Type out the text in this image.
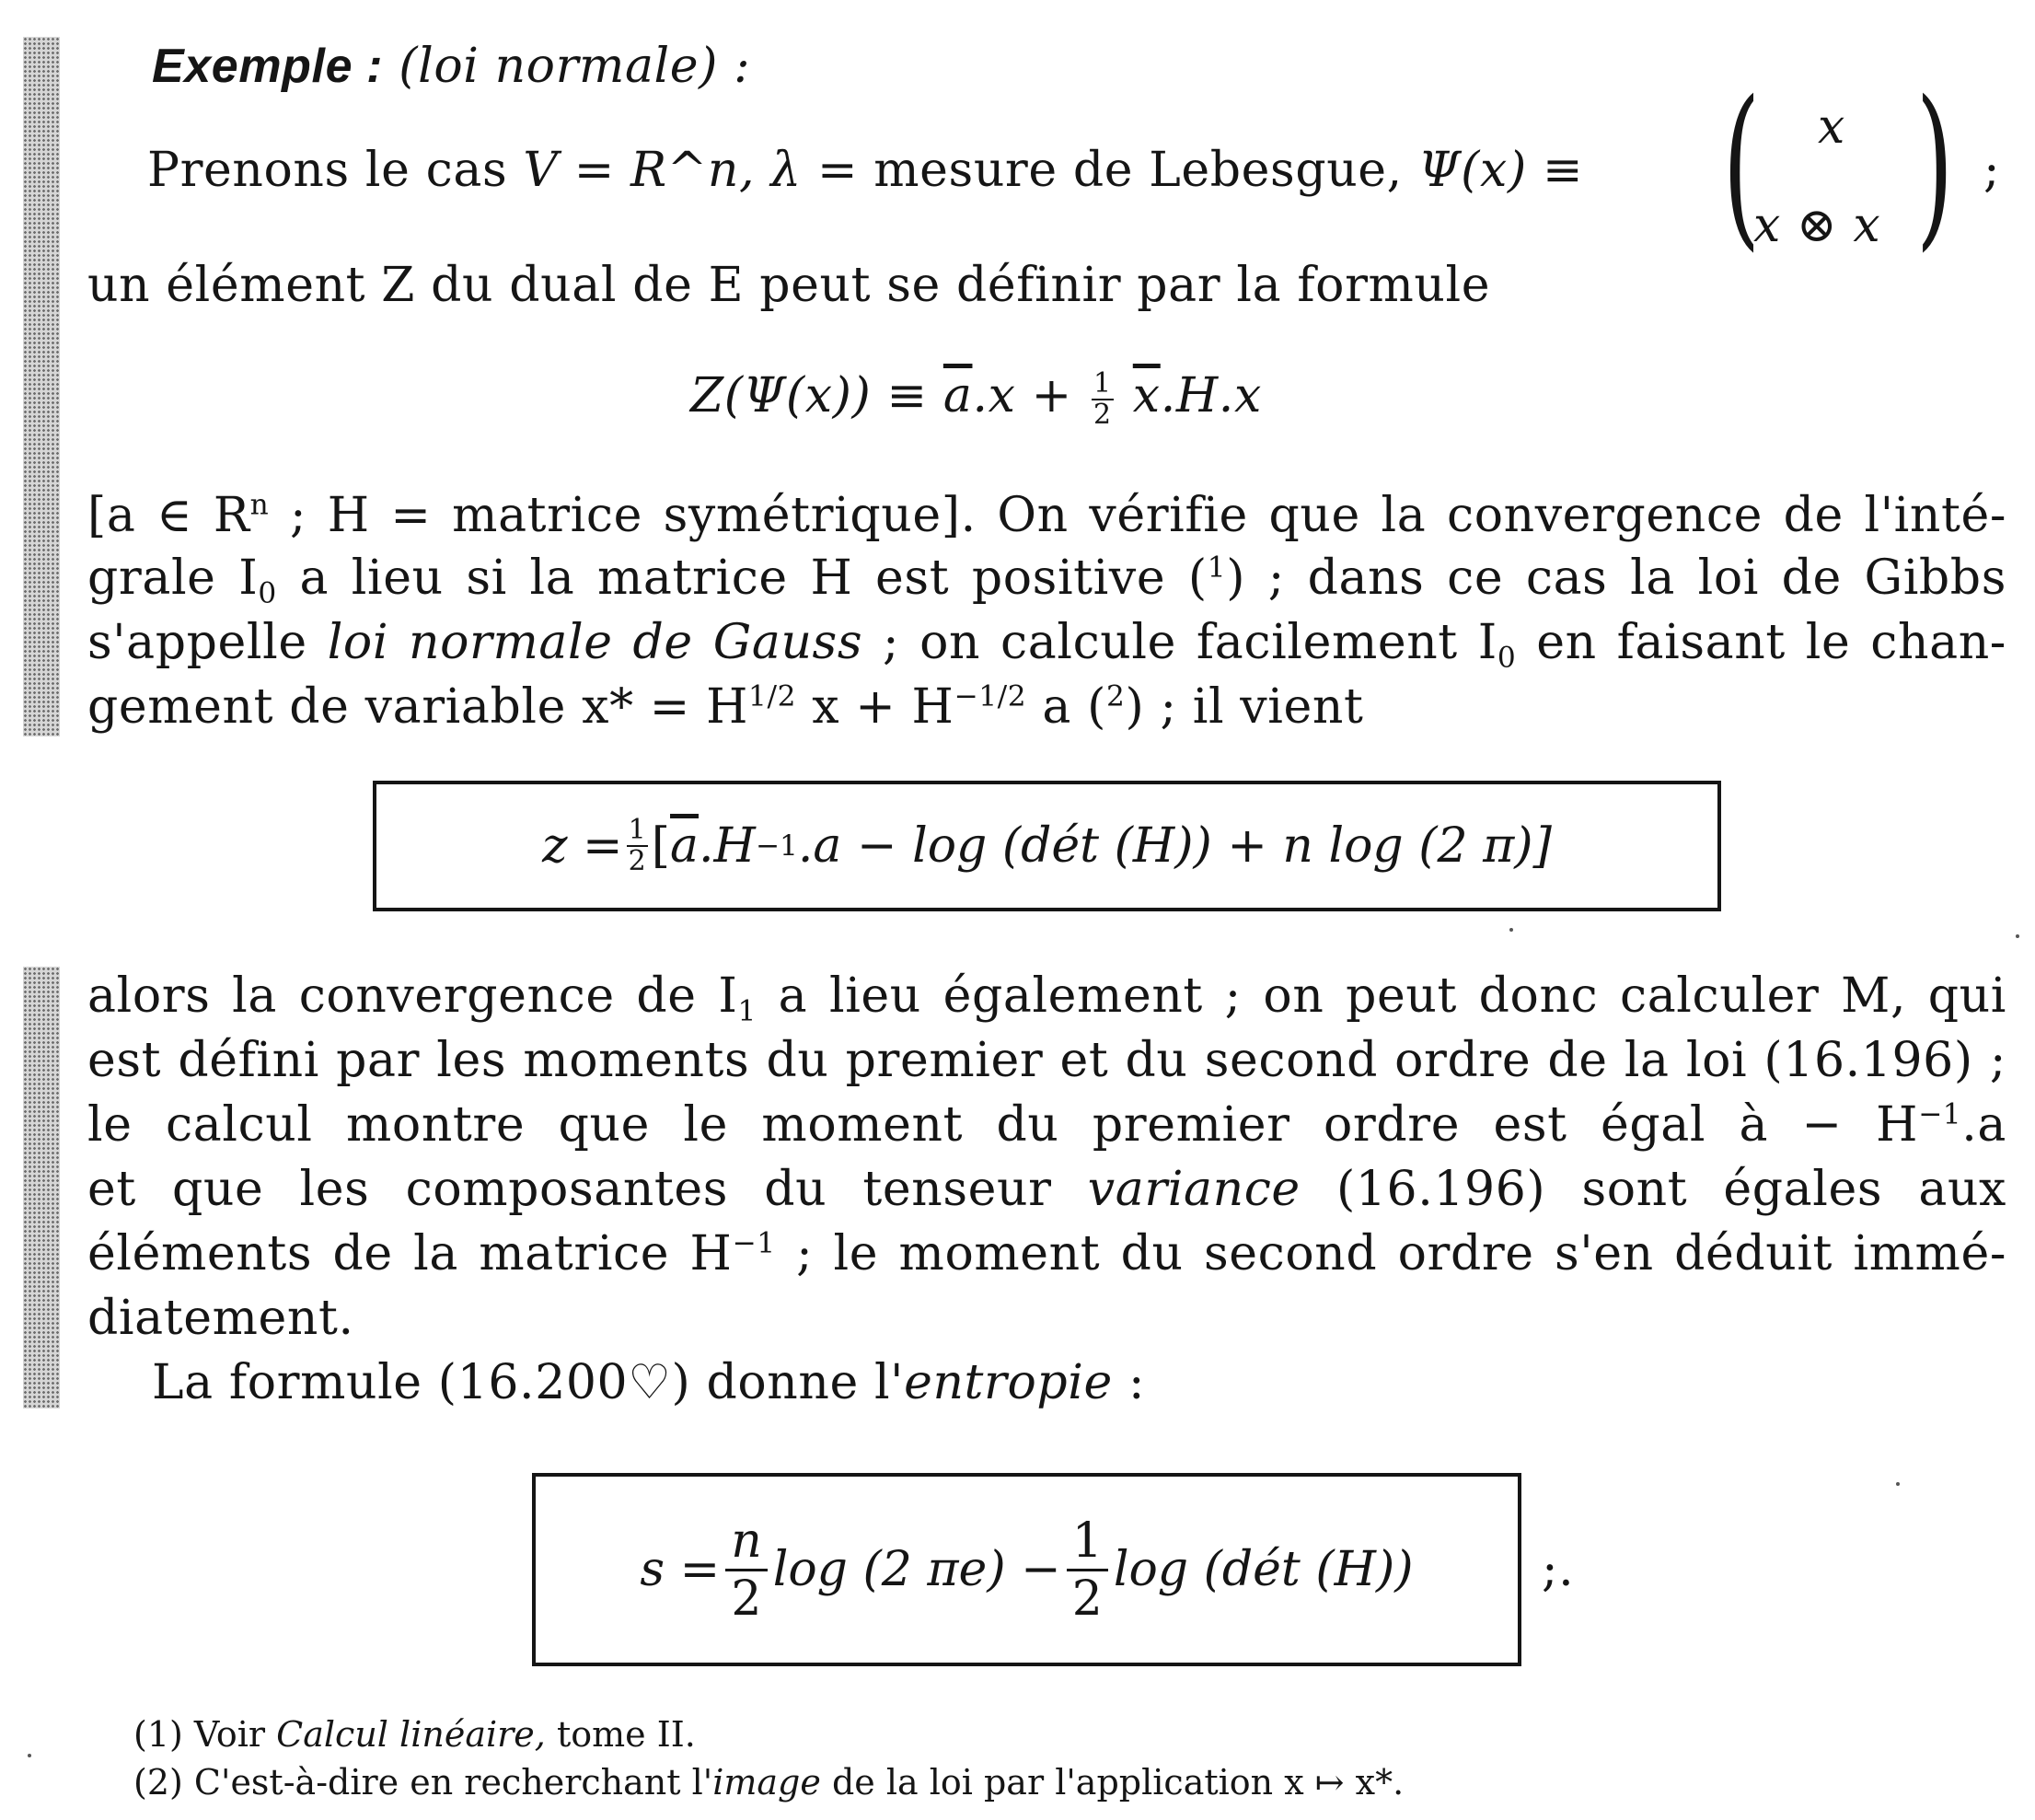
Exemple : (loi normale) :
Prenons le cas V = R^n, λ = mesure de Lebesgue, Ψ(x) ≡ ( x
x ⊗ x ) ;
un élément Z du dual de E peut se définir par la formule
$Z(\Psi(x)) \equiv \overline{a}.x + \frac{1}{2} \overline{x}.H.x$
[a ∈ $R^n$ ; H = matrice symétrique]. On vérifie que la convergence de l'inté-
grale $I_0$ a lieu si la matrice H est positive ($^1$) ; dans ce cas la loi de Gibbs
s'appelle loi normale de Gauss ; on calcule facilement $I_0$ en faisant le chan-
gement de variable $x* = H^{1/2}$ $x + H^{-1/2}$ a ($^2$) ; il vient
$z = \frac{1}{2}$ [ $\overline{a}$ .H −1 .a − log (dét (H)) + n log (2 π)]
alors la convergence de $I_1$ a lieu également ; on peut donc calculer M, qui
est défini par les moments du premier et du second ordre de la loi (16.196) ;
le calcul montre que le moment du premier ordre est égal à − $H^{-1}.a$
et que les composantes du tenseur variance (16.196) sont égales aux
éléments de la matrice $H^{-1}$ ; le moment du second ordre s'en déduit immé-
diatement.
La formule (16.200♡) donne l'entropie :
$s = \frac{n}{2}$ log (2 $\pi e) - \frac{1}{2}$ log (dét (H))	;.
(1) Voir Calcul linéaire, tome II.
(2) C'est-à-dire en recherchant l'image de la loi par l'application x ↦ x*.
